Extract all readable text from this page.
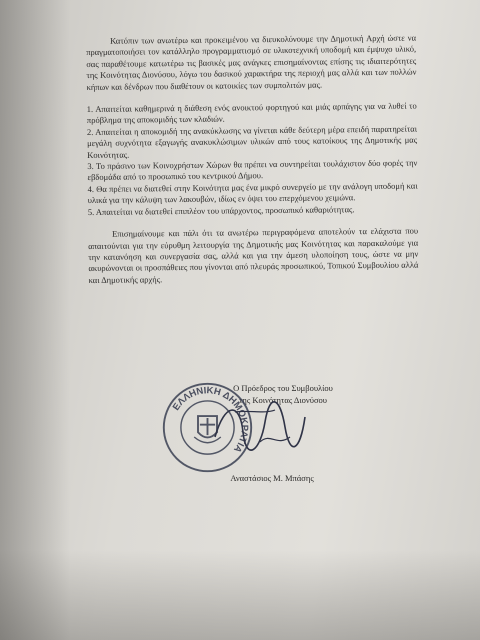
Κατόπιν των ανωτέρω και προκειμένου να διευκολύνουμε την Δημοτική Αρχή ώστε να πραγματοποιήσει τον κατάλληλο προγραμματισμό σε υλικοτεχνική υποδομή και έμψυχο υλικό, σας παραθέτουμε κατωτέρω τις βασικές μας ανάγκες επισημαίνοντας επίσης τις ιδιαιτερότητες της Κοινότητας Διονύσου, λόγω του δασικού χαρακτήρα της περιοχή μας αλλά και των πολλών κήπων και δένδρων που διαθέτουν οι κατοικίες των συμπολιτών μας.

1. Απαιτείται καθημερινά η διάθεση ενός ανοικτού φορτηγού και μιάς αρπάγης για να λυθεί το πρόβλημα της αποκομιδής των κλαδιών.

2. Απαιτείται η αποκομιδή της ανακύκλωσης να γίνεται κάθε δεύτερη μέρα επειδή παρατηρείται μεγάλη συχνότητα εξαγωγής ανακυκλώσιμων υλικών από τους κατοίκους της Δημοτικής μας Κοινότητας.

3. Το πράσινο των Κοινοχρήστων Χώρων θα πρέπει να συντηρείται τουλάχιστον δύο φορές την εβδομάδα από το προσωπικό του κεντρικού Δήμου.

4. Θα πρέπει να διατεθεί στην Κοινότητα μας ένα μικρό συνεργείο με την ανάλογη υποδομή και υλικά για την κάλυψη των λακουβών, ιδίως εν όψει του επερχόμενου χειμώνα.

5. Απαιτείται να διατεθεί επιπλέον του υπάρχοντος, προσωπικό καθαριότητας.

Επισημαίνουμε και πάλι ότι τα ανωτέρω περιγραφόμενα αποτελούν τα ελάχιστα που απαιτούνται για την εύρυθμη λειτουργία της Δημοτικής μας Κοινότητας και παρακαλούμε για την κατανόηση και συνεργασία σας, αλλά και για την άμεση υλοποίηση τους, ώστε να μην ακυρώνονται οι προσπάθειες που γίνονται από πλευράς προσωπικού, Τοπικού Συμβουλίου αλλά και Δημοτικής αρχής.

Ο Πρόεδρος του Συμβουλίου
της Κοινότητας Διονύσου
Αναστάσιος Μ. Μπάσης
ΕΛΛΗΝΙΚΗ ΔΗΜΟΚΡΑΤΙΑ
